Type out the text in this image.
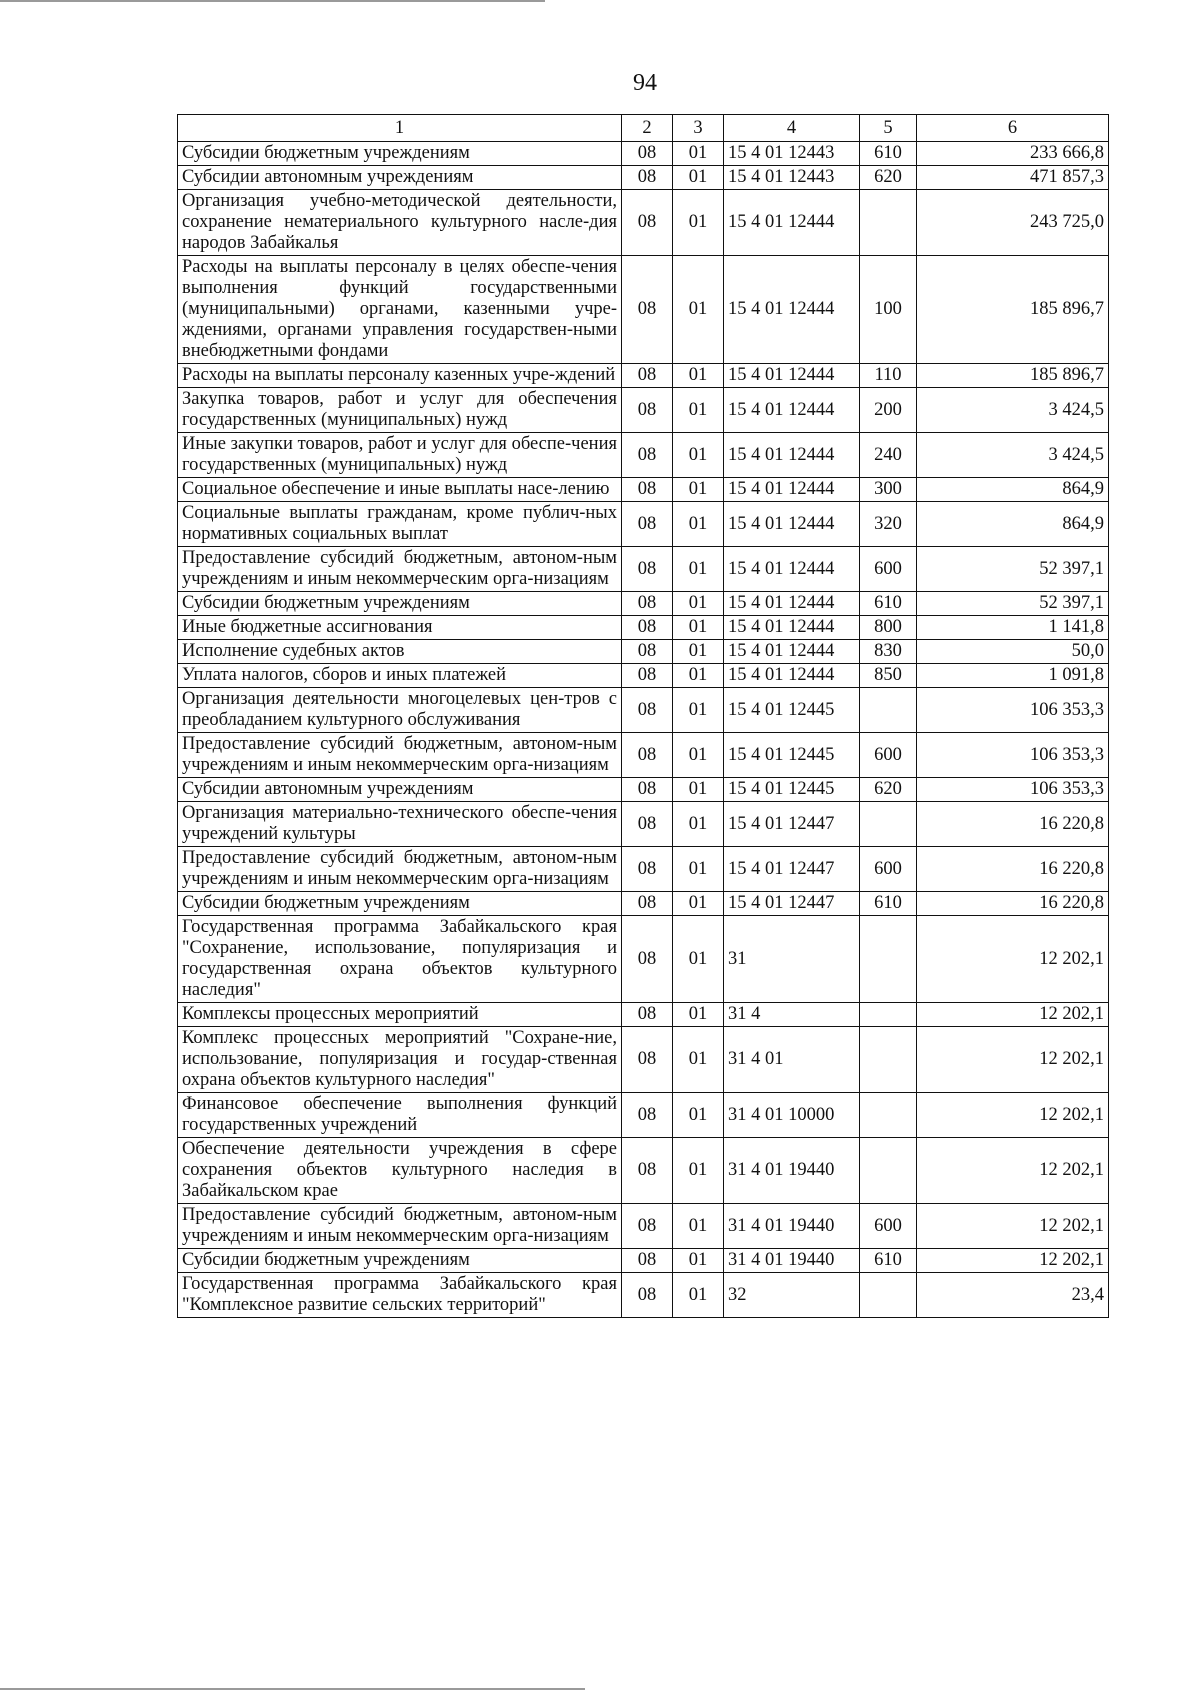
94
1	2	3	4	5	6
Субсидии бюджетным учреждениям	08	01	15 4 01 12443	610	233 666,8
Субсидии автономным учреждениям	08	01	15 4 01 12443	620	471 857,3
Организация учебно-методической деятельности, сохранение нематериального культурного насле-дия народов Забайкалья	08	01	15 4 01 12444		243 725,0
Расходы на выплаты персоналу в целях обеспе-чения выполнения функций государственными (муниципальными) органами, казенными учре-ждениями, органами управления государствен-ными внебюджетными фондами	08	01	15 4 01 12444	100	185 896,7
Расходы на выплаты персоналу казенных учре-ждений	08	01	15 4 01 12444	110	185 896,7
Закупка товаров, работ и услуг для обеспечения государственных (муниципальных) нужд	08	01	15 4 01 12444	200	3 424,5
Иные закупки товаров, работ и услуг для обеспе-чения государственных (муниципальных) нужд	08	01	15 4 01 12444	240	3 424,5
Социальное обеспечение и иные выплаты насе-лению	08	01	15 4 01 12444	300	864,9
Социальные выплаты гражданам, кроме публич-ных нормативных социальных выплат	08	01	15 4 01 12444	320	864,9
Предоставление субсидий бюджетным, автоном-ным учреждениям и иным некоммерческим орга-низациям	08	01	15 4 01 12444	600	52 397,1
Субсидии бюджетным учреждениям	08	01	15 4 01 12444	610	52 397,1
Иные бюджетные ассигнования	08	01	15 4 01 12444	800	1 141,8
Исполнение судебных актов	08	01	15 4 01 12444	830	50,0
Уплата налогов, сборов и иных платежей	08	01	15 4 01 12444	850	1 091,8
Организация деятельности многоцелевых цен-тров с преобладанием культурного обслуживания	08	01	15 4 01 12445		106 353,3
Предоставление субсидий бюджетным, автоном-ным учреждениям и иным некоммерческим орга-низациям	08	01	15 4 01 12445	600	106 353,3
Субсидии автономным учреждениям	08	01	15 4 01 12445	620	106 353,3
Организация материально-технического обеспе-чения учреждений культуры	08	01	15 4 01 12447		16 220,8
Предоставление субсидий бюджетным, автоном-ным учреждениям и иным некоммерческим орга-низациям	08	01	15 4 01 12447	600	16 220,8
Субсидии бюджетным учреждениям	08	01	15 4 01 12447	610	16 220,8
Государственная программа Забайкальского края "Сохранение, использование, популяризация и государственная охрана объектов культурного наследия"	08	01	31		12 202,1
Комплексы процессных мероприятий	08	01	31 4		12 202,1
Комплекс процессных мероприятий "Сохране-ние, использование, популяризация и государ-ственная охрана объектов культурного наследия"	08	01	31 4 01		12 202,1
Финансовое обеспечение выполнения функций государственных учреждений	08	01	31 4 01 10000		12 202,1
Обеспечение деятельности учреждения в сфере сохранения объектов культурного наследия в Забайкальском крае	08	01	31 4 01 19440		12 202,1
Предоставление субсидий бюджетным, автоном-ным учреждениям и иным некоммерческим орга-низациям	08	01	31 4 01 19440	600	12 202,1
Субсидии бюджетным учреждениям	08	01	31 4 01 19440	610	12 202,1
Государственная программа Забайкальского края "Комплексное развитие сельских территорий"	08	01	32		23,4
